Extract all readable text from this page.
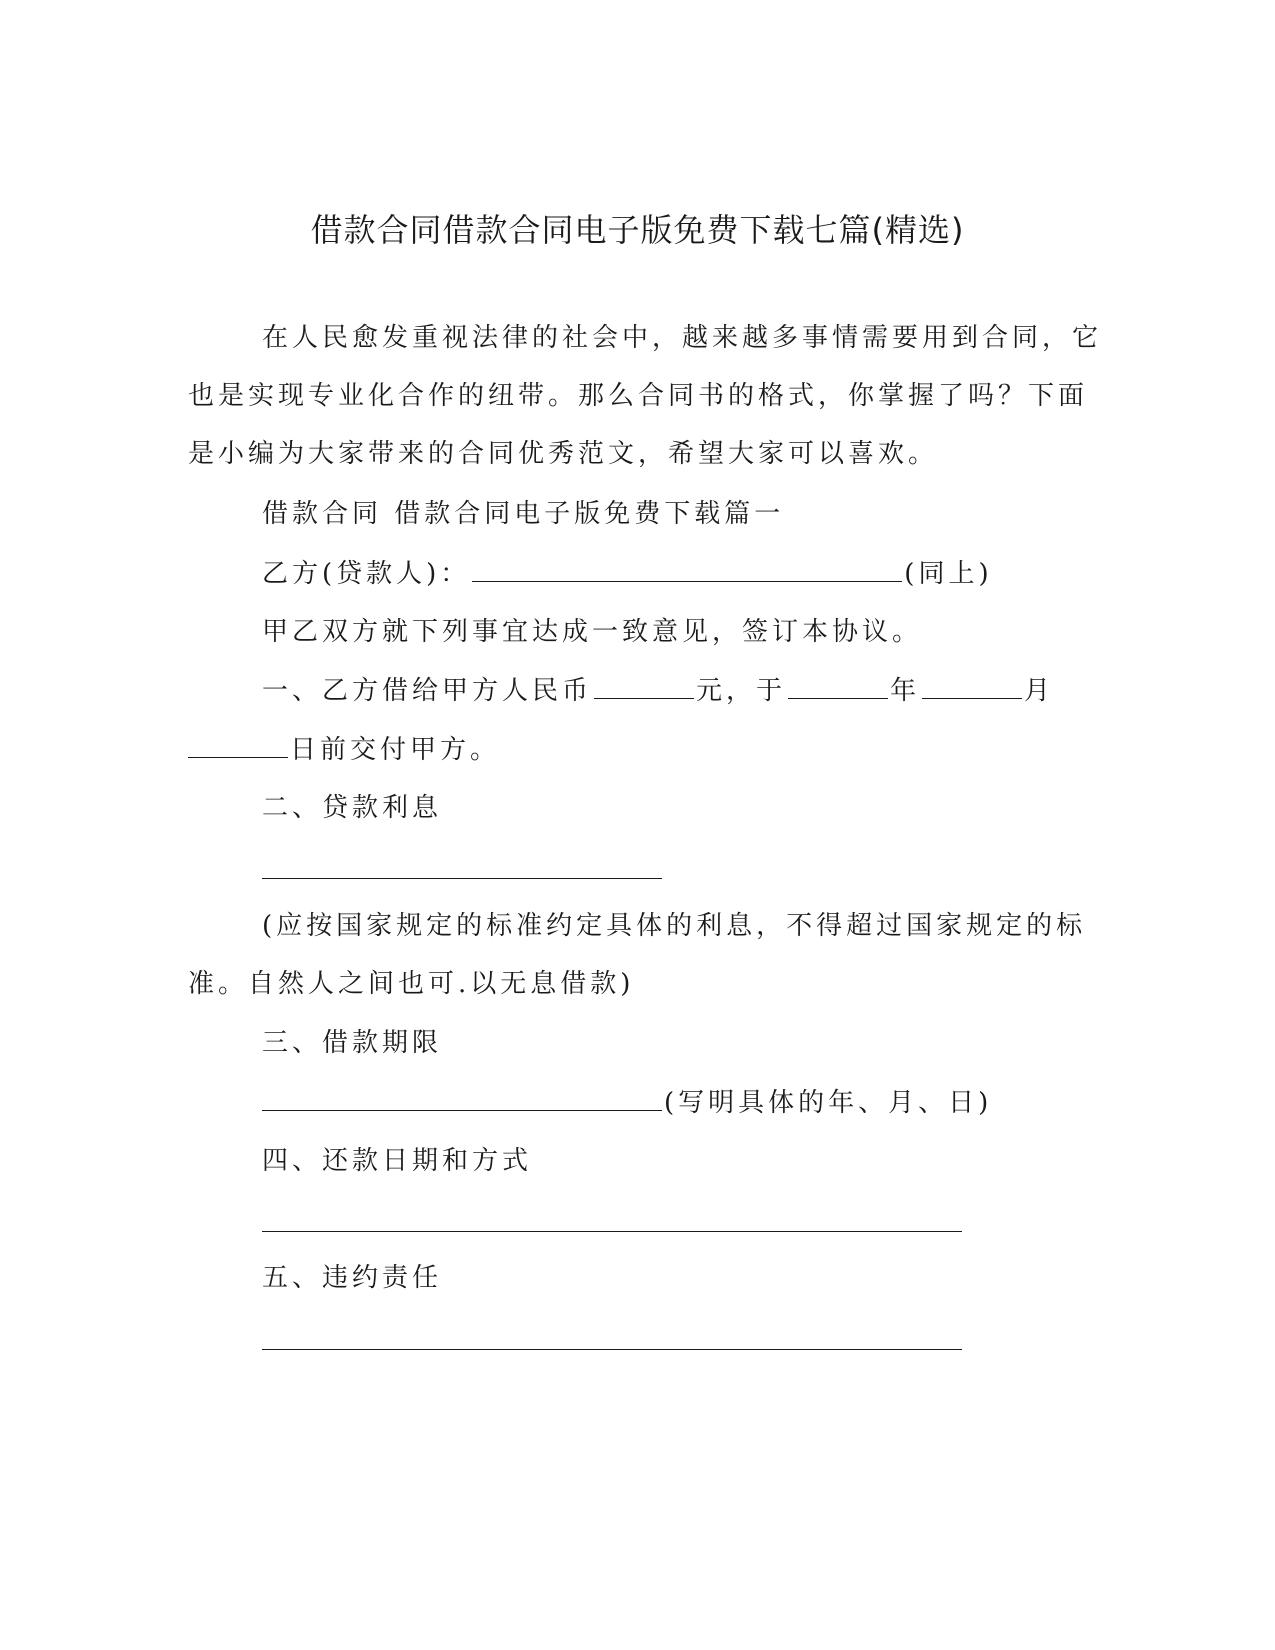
借款合同借款合同电子版免费下载七篇(精选)
在人民愈发重视法律的社会中，越来越多事情需要用到合同，它
也是实现专业化合作的纽带。那么合同书的格式，你掌握了吗？下面
是小编为大家带来的合同优秀范文，希望大家可以喜欢。
借款合同 借款合同电子版免费下载篇一
乙方(贷款人)：	(同上)
甲乙双方就下列事宜达成一致意见，签订本协议。
一、乙方借给甲方人民币	元，于	年	月
日前交付甲方。
二、贷款利息
(应按国家规定的标准约定具体的利息，不得超过国家规定的标
准。自然人之间也可.以无息借款)
三、借款期限
(写明具体的年、月、日)
四、还款日期和方式
五、违约责任
